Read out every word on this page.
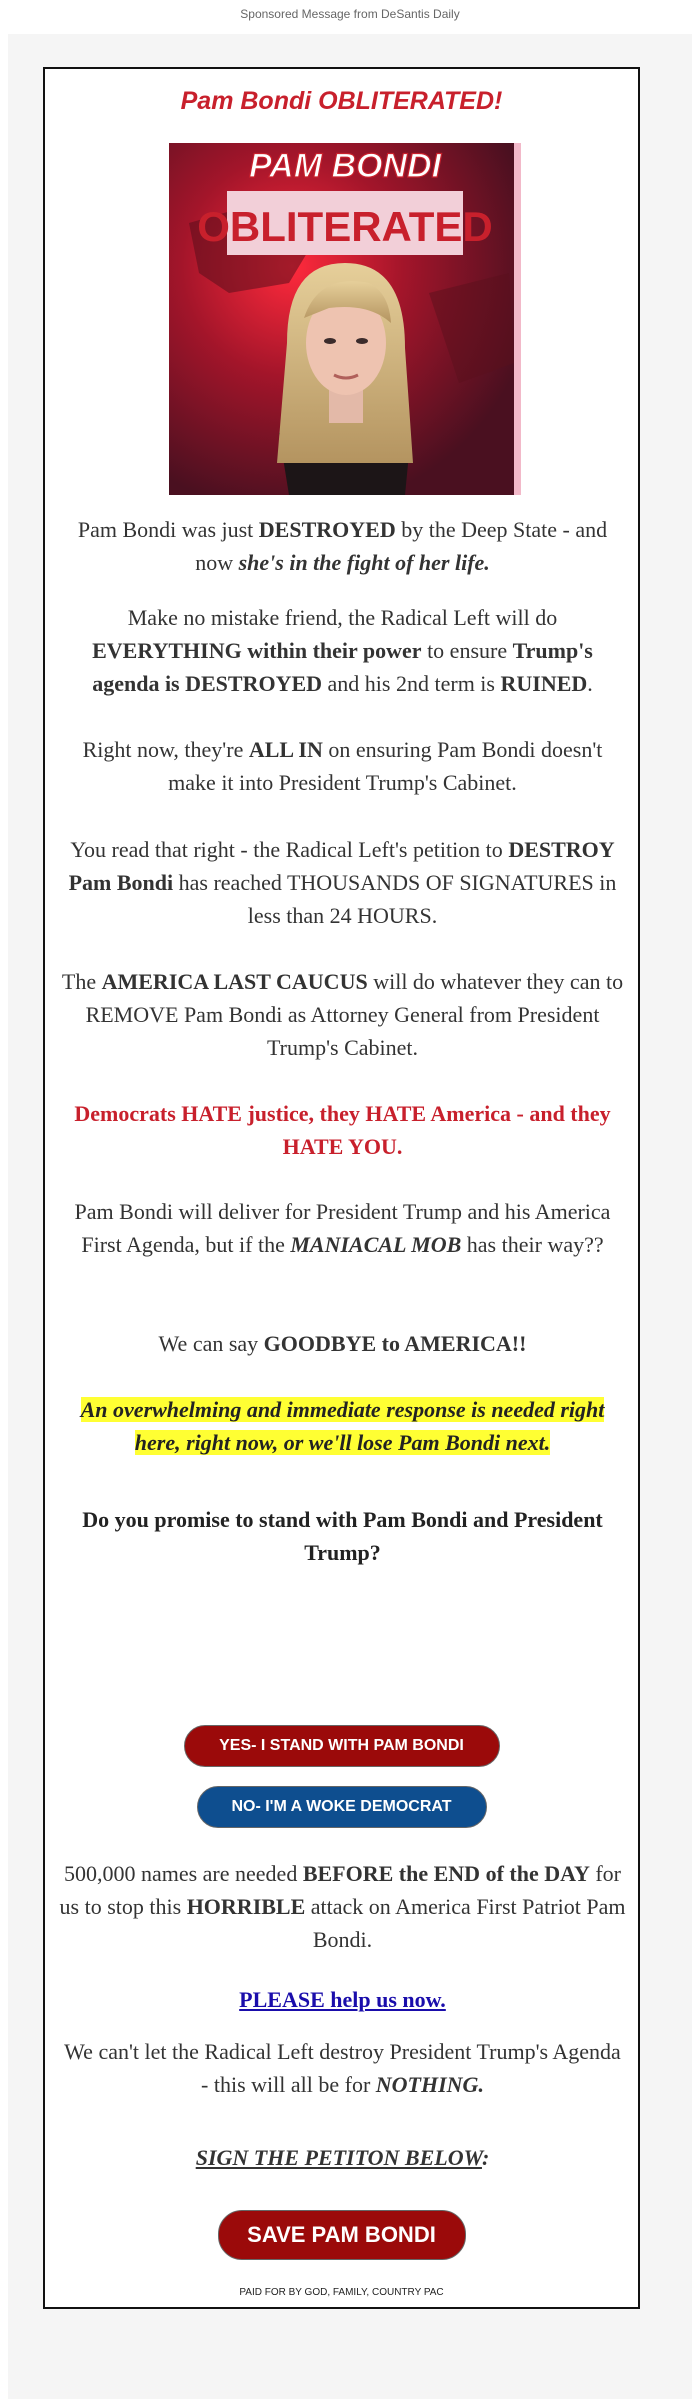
Sponsored Message from DeSantis Daily
Pam Bondi OBLITERATED!
PAM BONDI
OBLITERATED

Pam Bondi was just DESTROYED by the Deep State - and now she's in the fight of her life.

Make no mistake friend, the Radical Left will do EVERYTHING within their power to ensure Trump's agenda is DESTROYED and his 2nd term is RUINED.

Right now, they're ALL IN on ensuring Pam Bondi doesn't make it into President Trump's Cabinet.

You read that right - the Radical Left's petition to DESTROY Pam Bondi has reached THOUSANDS OF SIGNATURES in less than 24 HOURS.

The AMERICA LAST CAUCUS will do whatever they can to REMOVE Pam Bondi as Attorney General from President Trump's Cabinet.

Democrats HATE justice, they HATE America - and they HATE YOU.

Pam Bondi will deliver for President Trump and his America First Agenda, but if the MANIACAL MOB has their way??

We can say GOODBYE to AMERICA!!

An overwhelming and immediate response is needed right here, right now, or we'll lose Pam Bondi next.

Do you promise to stand with Pam Bondi and President Trump?

YES- I STAND WITH PAM BONDI
NO- I'M A WOKE DEMOCRAT

500,000 names are needed BEFORE the END of the DAY for us to stop this HORRIBLE attack on America First Patriot Pam Bondi.

PLEASE help us now.

We can't let the Radical Left destroy President Trump's Agenda - this will all be for NOTHING.

SIGN THE PETITON BELOW:

SAVE PAM BONDI
PAID FOR BY GOD, FAMILY, COUNTRY PAC
